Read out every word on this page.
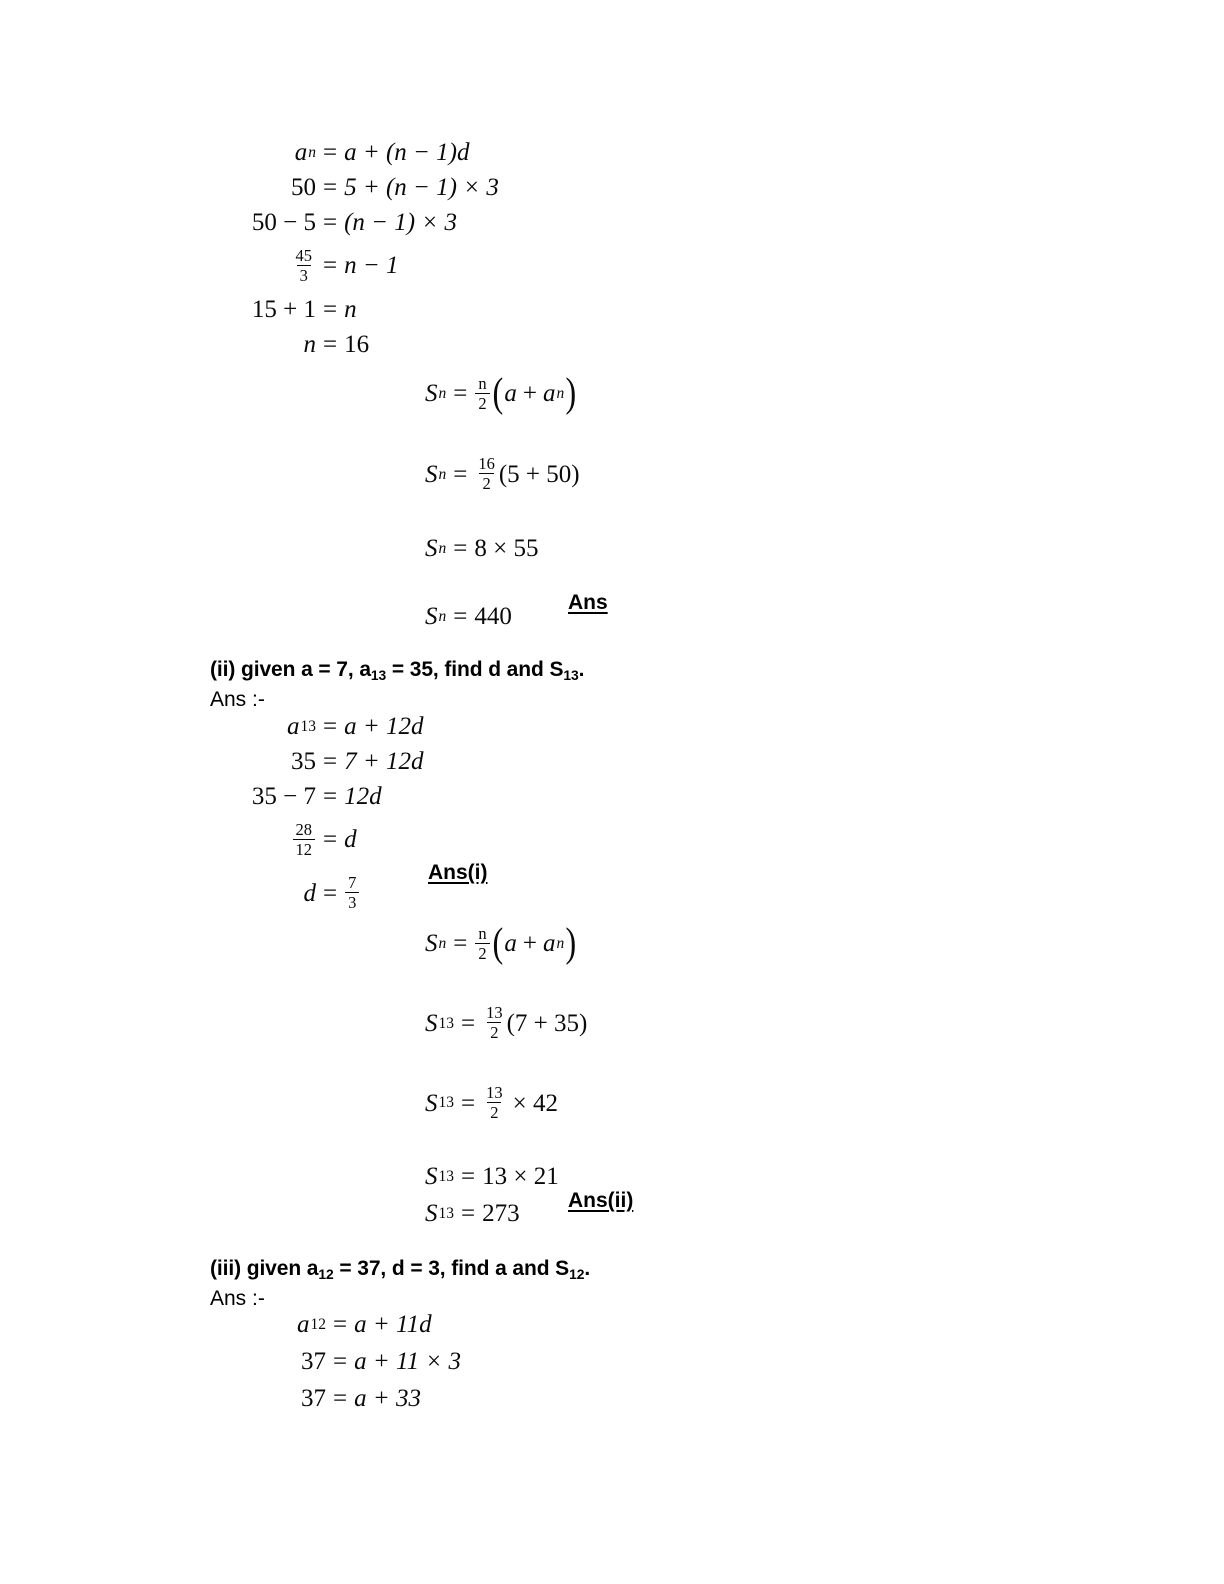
a n = a + (n − 1)d
50 = 5 + (n − 1) × 3
50 − 5 = (n − 1) × 3
$\frac{45}{3} = n - 1$
15 + 1 = n
n = 16
S $n = \frac{n}{2}$ ( a + a n )
S $n = \frac{16}{2} (5 + 50)$
S n = 8 × 55
S n = 440
Ans
(ii) given a = 7, a13 = 35, find d and S13.
Ans :-
a 13 = a + 12d
35 = 7 + 12d
35 − 7 = 12d
$\frac{28}{12} = d$
$d = \frac{7}{3}$
Ans(i)
S $n = \frac{n}{2}$ ( a + a n )
S $13 = \frac{13}{2} (7 + 35)$
S $13 = \frac{13}{2} \times 42$
S 13 = 13 × 21
S 13 = 273 Ans(ii)
(iii) given a12 = 37, d = 3, find a and S12.
Ans :-
a 12 = a + 11d
37 = a + 11 × 3
37 = a + 33
